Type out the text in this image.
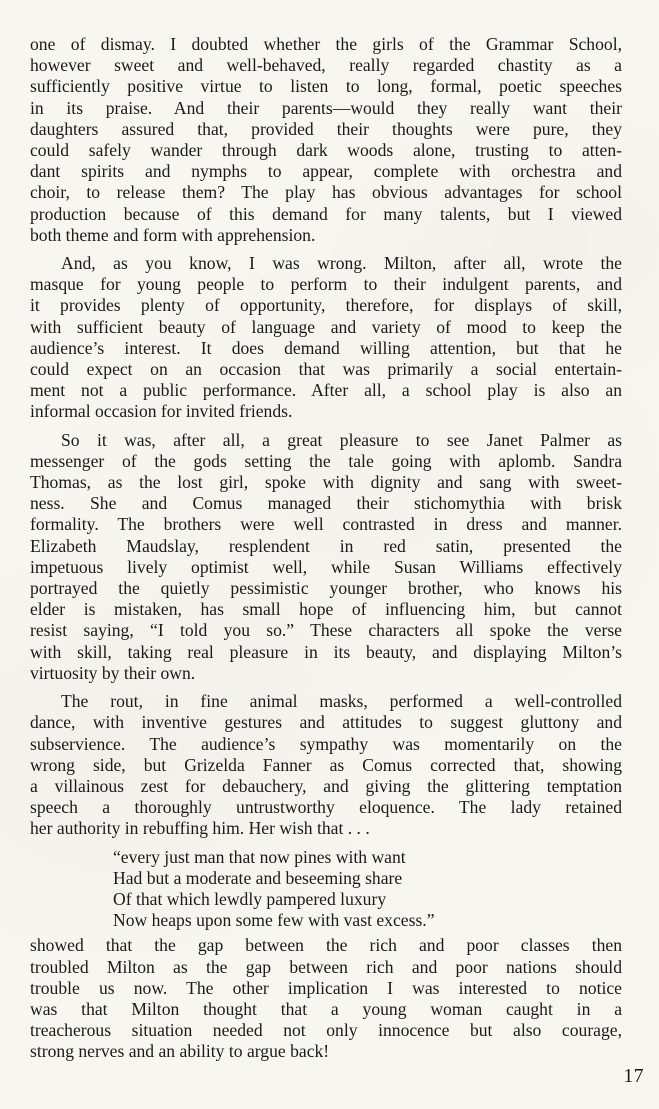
one of dismay. I doubted whether the girls of the Grammar School,
however sweet and well-behaved, really regarded chastity as a
sufficiently positive virtue to listen to long, formal, poetic speeches
in its praise. And their parents—would they really want their
daughters assured that, provided their thoughts were pure, they
could safely wander through dark woods alone, trusting to atten-
dant spirits and nymphs to appear, complete with orchestra and
choir, to release them? The play has obvious advantages for school
production because of this demand for many talents, but I viewed
both theme and form with apprehension.
And, as you know, I was wrong. Milton, after all, wrote the
masque for young people to perform to their indulgent parents, and
it provides plenty of opportunity, therefore, for displays of skill,
with sufficient beauty of language and variety of mood to keep the
audience’s interest. It does demand willing attention, but that he
could expect on an occasion that was primarily a social entertain-
ment not a public performance. After all, a school play is also an
informal occasion for invited friends.
So it was, after all, a great pleasure to see Janet Palmer as
messenger of the gods setting the tale going with aplomb. Sandra
Thomas, as the lost girl, spoke with dignity and sang with sweet-
ness. She and Comus managed their stichomythia with brisk
formality. The brothers were well contrasted in dress and manner.
Elizabeth Maudslay, resplendent in red satin, presented the
impetuous lively optimist well, while Susan Williams effectively
portrayed the quietly pessimistic younger brother, who knows his
elder is mistaken, has small hope of influencing him, but cannot
resist saying, “I told you so.” These characters all spoke the verse
with skill, taking real pleasure in its beauty, and displaying Milton’s
virtuosity by their own.
The rout, in fine animal masks, performed a well-controlled
dance, with inventive gestures and attitudes to suggest gluttony and
subservience. The audience’s sympathy was momentarily on the
wrong side, but Grizelda Fanner as Comus corrected that, showing
a villainous zest for debauchery, and giving the glittering temptation
speech a thoroughly untrustworthy eloquence. The lady retained
her authority in rebuffing him. Her wish that . . .
“every just man that now pines with want
Had but a moderate and beseeming share
Of that which lewdly pampered luxury
Now heaps upon some few with vast excess.”
showed that the gap between the rich and poor classes then
troubled Milton as the gap between rich and poor nations should
trouble us now. The other implication I was interested to notice
was that Milton thought that a young woman caught in a
treacherous situation needed not only innocence but also courage,
strong nerves and an ability to argue back!
17
